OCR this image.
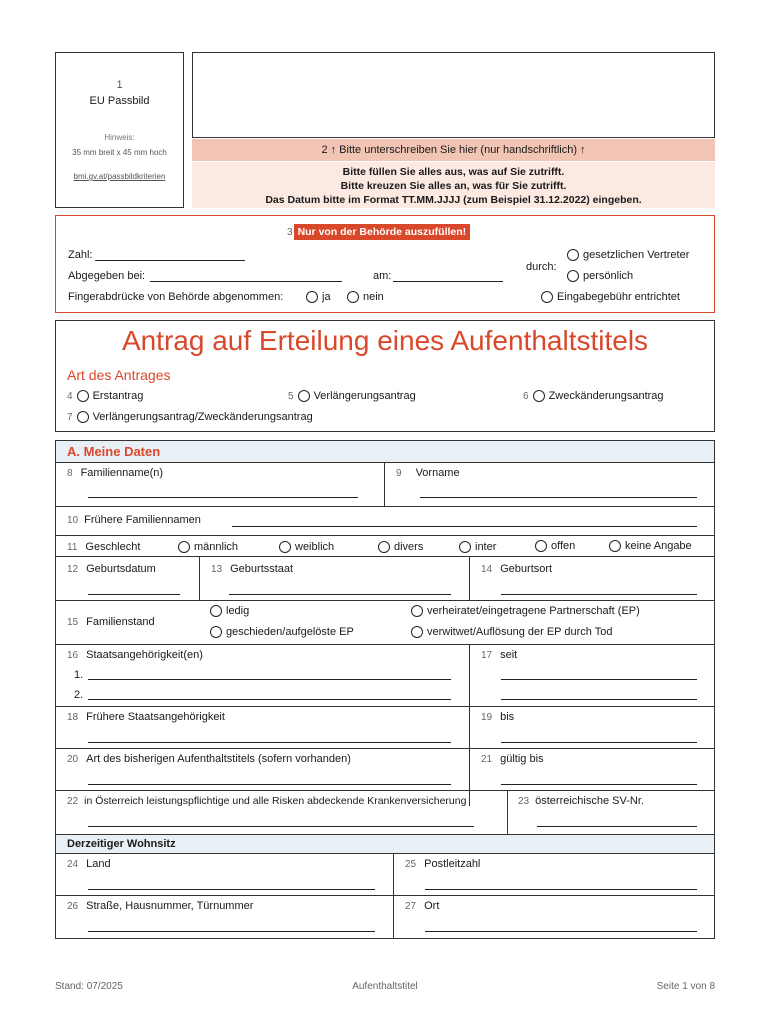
1
EU Passbild
Hinweis:
35 mm breit x 45 mm hoch
bmi.gv.at/passbildkriterien
2 ↑ Bitte unterschreiben Sie hier (nur handschriftlich) ↑
Bitte füllen Sie alles aus, was auf Sie zutrifft.
Bitte kreuzen Sie alles an, was für Sie zutrifft.
Das Datum bitte im Format TT.MM.JJJJ (zum Beispiel 31.12.2022) eingeben.
3 Nur von der Behörde auszufüllen!
Zahl:
Abgegeben bei:	am:
durch:
gesetzlichen Vertreter
persönlich
Fingerabdrücke von Behörde abgenommen:	ja	nein	Eingabegebühr entrichtet
Antrag auf Erteilung eines Aufenthaltstitels
Art des Antrages
4 Erstantrag	5 Verlängerungsantrag	6 Zweckänderungsantrag
7 Verlängerungsantrag/Zweckänderungsantrag
A. Meine Daten
8 Familienname(n)	9 Vorname
10 Frühere Familiennamen
11 Geschlecht	männlich	weiblich	divers	inter	offen	keine Angabe
12 Geburtsdatum	13 Geburtsstaat	14 Geburtsort
15 Familienstand
ledig	verheiratet/eingetragene Partnerschaft (EP)
geschieden/aufgelöste EP	verwitwet/Auflösung der EP durch Tod
16 Staatsangehörigkeit(en)
1.
2.
17 seit
18 Frühere Staatsangehörigkeit	19 bis
20 Art des bisherigen Aufenthaltstitels (sofern vorhanden)	21 gültig bis
22 in Österreich leistungspflichtige und alle Risken abdeckende Krankenversicherung	23 österreichische SV-Nr.
Derzeitiger Wohnsitz
24 Land	25 Postleitzahl
26 Straße, Hausnummer, Türnummer	27 Ort
Stand: 07/2025	Aufenthaltstitel	Seite 1 von 8
